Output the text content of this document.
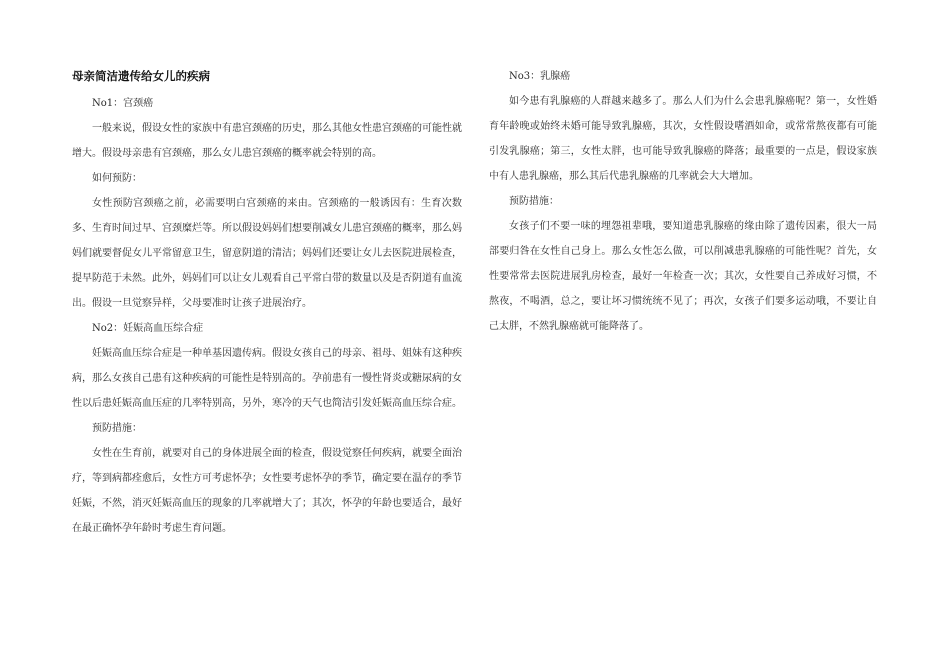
母亲简洁遗传给女儿的疾病

No1：宫颈癌

一般来说，假设女性的家族中有患宫颈癌的历史，那么其他女性患宫颈癌的可能性就增大。假设母亲患有宫颈癌，那么女儿患宫颈癌的概率就会特别的高。

如何预防：

女性预防宫颈癌之前，必需要明白宫颈癌的来由。宫颈癌的一般诱因有：生育次数多、生育时间过早、宫颈糜烂等。所以假设妈妈们想要削减女儿患宫颈癌的概率，那么妈妈们就要督促女儿平常留意卫生，留意阴道的清洁；妈妈们还要让女儿去医院进展检查，提早防范于未然。此外，妈妈们可以让女儿观看自己平常白带的数量以及是否阴道有血流出。假设一旦觉察异样，父母要准时让孩子进展治疗。

No2：妊娠高血压综合症

妊娠高血压综合症是一种单基因遗传病。假设女孩自己的母亲、祖母、姐妹有这种疾病，那么女孩自己患有这种疾病的可能性是特别高的。孕前患有一慢性肾炎或糖尿病的女性以后患妊娠高血压症的几率特别高，另外，寒冷的天气也简洁引发妊娠高血压综合症。

预防措施：

女性在生育前，就要对自己的身体进展全面的检查，假设觉察任何疾病，就要全面治疗，等到病都痊愈后，女性方可考虑怀孕；女性要考虑怀孕的季节，确定要在温存的季节妊娠，不然，消灭妊娠高血压的现象的几率就增大了；其次，怀孕的年龄也要适合，最好在最正确怀孕年龄时考虑生育问题。

No3：乳腺癌

如今患有乳腺癌的人群越来越多了。那么人们为什么会患乳腺癌呢？第一，女性婚育年龄晚或始终未婚可能导致乳腺癌，其次，女性假设嗜酒如命，或常常熬夜都有可能引发乳腺癌；第三，女性太胖，也可能导致乳腺癌的降落；最重要的一点是，假设家族中有人患乳腺癌，那么其后代患乳腺癌的几率就会大大增加。

预防措施：

女孩子们不要一味的埋怨祖辈哦，要知道患乳腺癌的缘由除了遗传因素，很大一局部要归咎在女性自己身上。那么女性怎么做，可以削减患乳腺癌的可能性呢？首先，女性要常常去医院进展乳房检查，最好一年检查一次；其次，女性要自己养成好习惯，不熬夜，不喝酒，总之，要让坏习惯统统不见了；再次，女孩子们要多运动哦，不要让自己太胖，不然乳腺癌就可能降落了。
